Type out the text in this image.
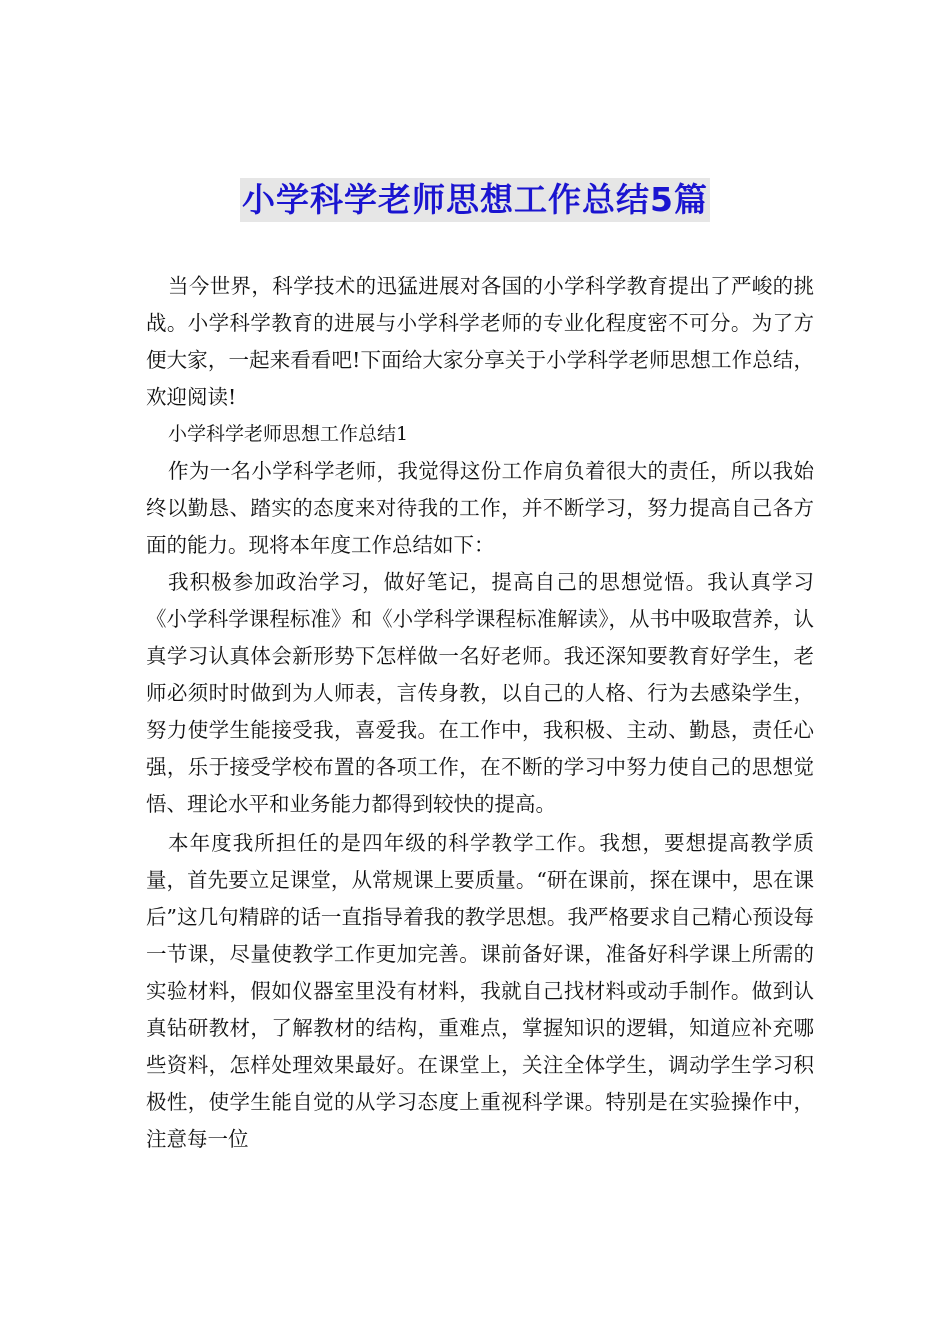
小学科学老师思想工作总结5篇

当今世界，科学技术的迅猛进展对各国的小学科学教育提出了严峻的挑战。小学科学教育的进展与小学科学老师的专业化程度密不可分。为了方便大家，一起来看看吧!下面给大家分享关于小学科学老师思想工作总结，欢迎阅读!

小学科学老师思想工作总结1

作为一名小学科学老师，我觉得这份工作肩负着很大的责任，所以我始终以勤恳、踏实的态度来对待我的工作，并不断学习，努力提高自己各方面的能力。现将本年度工作总结如下：

我积极参加政治学习，做好笔记，提高自己的思想觉悟。我认真学习《小学科学课程标准》和《小学科学课程标准解读》，从书中吸取营养，认真学习认真体会新形势下怎样做一名好老师。我还深知要教育好学生，老师必须时时做到为人师表，言传身教，以自己的人格、行为去感染学生，努力使学生能接受我，喜爱我。在工作中，我积极、主动、勤恳，责任心强，乐于接受学校布置的各项工作，在不断的学习中努力使自己的思想觉悟、理论水平和业务能力都得到较快的提高。

本年度我所担任的是四年级的科学教学工作。我想，要想提高教学质量，首先要立足课堂，从常规课上要质量。“研在课前，探在课中，思在课后”这几句精辟的话一直指导着我的教学思想。我严格要求自己精心预设每一节课，尽量使教学工作更加完善。课前备好课，准备好科学课上所需的实验材料，假如仪器室里没有材料，我就自己找材料或动手制作。做到认真钻研教材，了解教材的结构，重难点，掌握知识的逻辑，知道应补充哪些资料，怎样处理效果最好。在课堂上，关注全体学生，调动学生学习积极性，使学生能自觉的从学习态度上重视科学课。特别是在实验操作中，注意每一位
